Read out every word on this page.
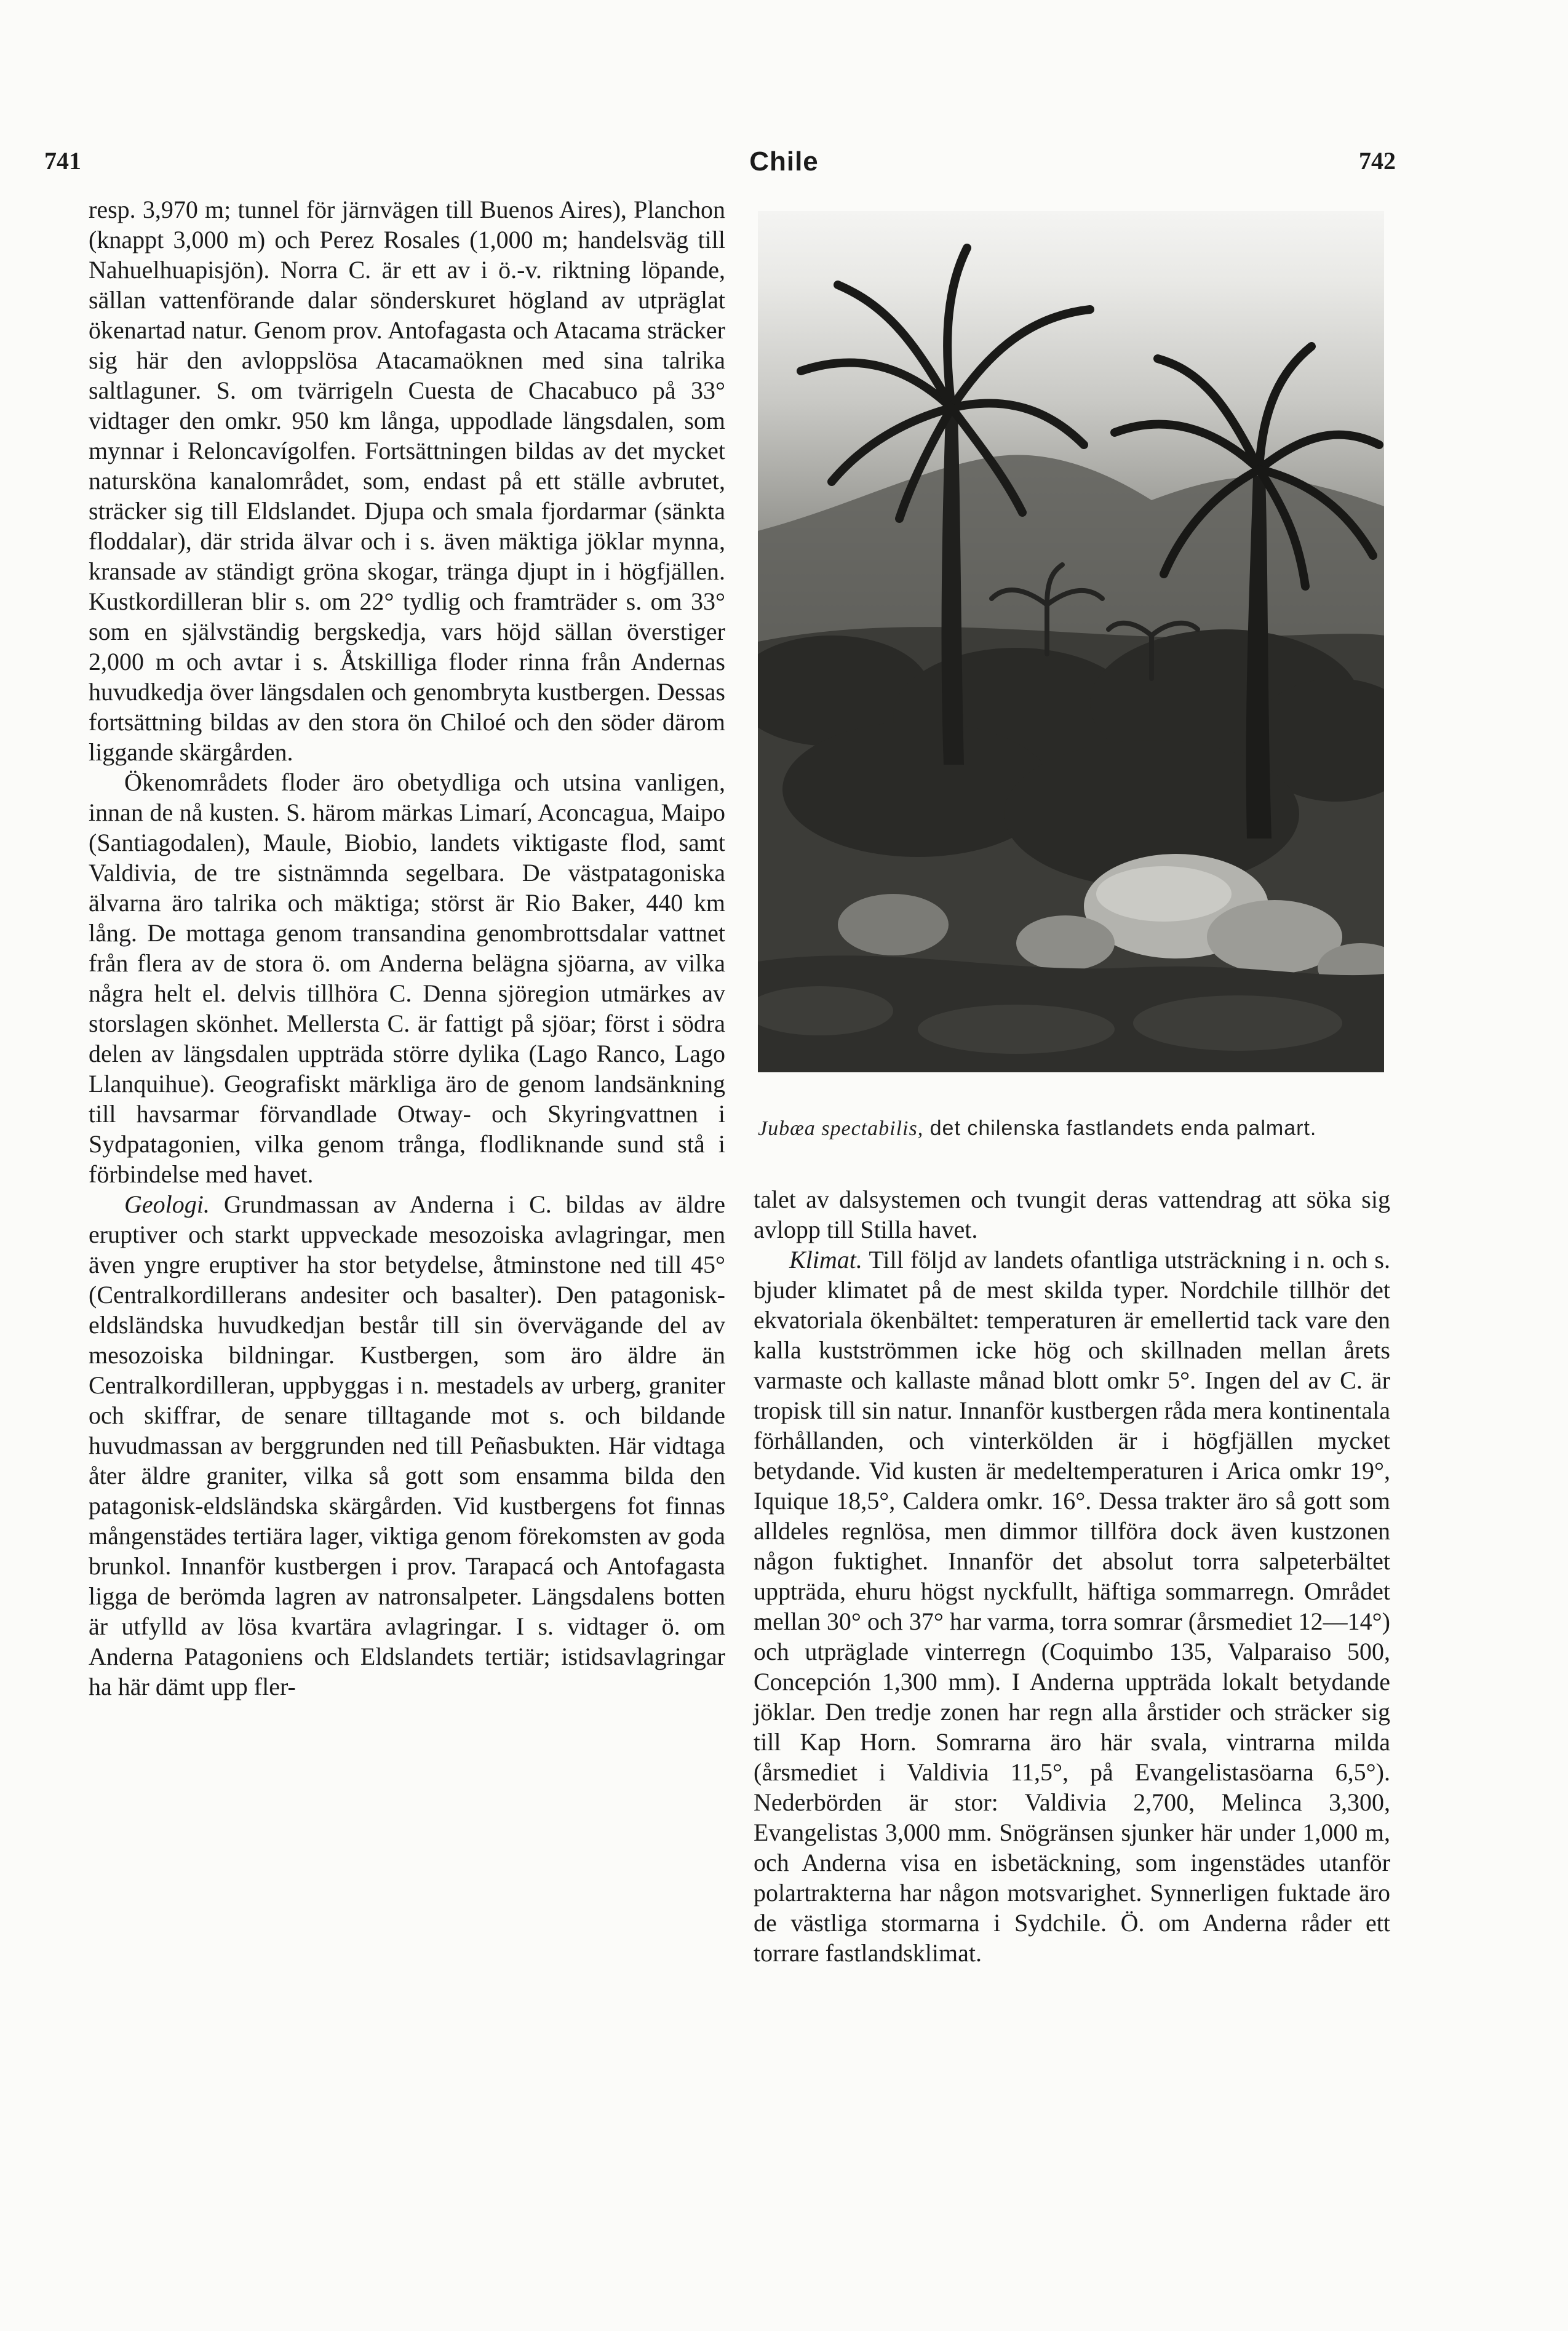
741	Chile	742

resp. 3,970 m; tunnel för järnvägen till Buenos Aires), Planchon (knappt 3,000 m) och Perez Rosales (1,000 m; handelsväg till Nahuelhuapisjön). Norra C. är ett av i ö.-v. riktning löpande, sällan vattenförande dalar sönderskuret högland av utpräglat ökenartad natur. Genom prov. Antofagasta och Atacama sträcker sig här den avloppslösa Atacamaöknen med sina talrika saltlaguner. S. om tvärrigeln Cuesta de Chacabuco på 33° vidtager den omkr. 950 km långa, uppodlade längsdalen, som mynnar i Reloncavígolfen. Fortsättningen bildas av det mycket natursköna kanalområdet, som, endast på ett ställe avbrutet, sträcker sig till Eldslandet. Djupa och smala fjordarmar (sänkta floddalar), där strida älvar och i s. även mäktiga jöklar mynna, kransade av ständigt gröna skogar, tränga djupt in i högfjällen. Kustkordilleran blir s. om 22° tydlig och framträder s. om 33° som en självständig bergskedja, vars höjd sällan överstiger 2,000 m och avtar i s. Åtskilliga floder rinna från Andernas huvudkedja över längsdalen och genombryta kustbergen. Dessas fortsättning bildas av den stora ön Chiloé och den söder därom liggande skärgården.

Ökenområdets floder äro obetydliga och utsina vanligen, innan de nå kusten. S. härom märkas Limarí, Aconcagua, Maipo (Santiagodalen), Maule, Biobio, landets viktigaste flod, samt Valdivia, de tre sistnämnda segelbara. De västpatagoniska älvarna äro talrika och mäktiga; störst är Rio Baker, 440 km lång. De mottaga genom transandina genombrottsdalar vattnet från flera av de stora ö. om Anderna belägna sjöarna, av vilka några helt el. delvis tillhöra C. Denna sjöregion utmärkes av storslagen skönhet. Mellersta C. är fattigt på sjöar; först i södra delen av längsdalen uppträda större dylika (Lago Ranco, Lago Llanquihue). Geografiskt märkliga äro de genom landsänkning till havsarmar förvandlade Otway- och Skyringvattnen i Sydpatagonien, vilka genom trånga, flodliknande sund stå i förbindelse med havet.

Geologi. Grundmassan av Anderna i C. bildas av äldre eruptiver och starkt uppveckade mesozoiska avlagringar, men även yngre eruptiver ha stor betydelse, åtminstone ned till 45° (Centralkordillerans andesiter och basalter). Den patagonisk-eldsländska huvudkedjan består till sin övervägande del av mesozoiska bildningar. Kustbergen, som äro äldre än Centralkordilleran, uppbyggas i n. mestadels av urberg, graniter och skiffrar, de senare tilltagande mot s. och bildande huvudmassan av berggrunden ned till Peñasbukten. Här vidtaga åter äldre graniter, vilka så gott som ensamma bilda den patagonisk-eldsländska skärgården. Vid kustbergens fot finnas mångenstädes tertiära lager, viktiga genom förekomsten av goda brunkol. Innanför kustbergen i prov. Tarapacá och Antofagasta ligga de berömda lagren av natronsalpeter. Längsdalens botten är utfylld av lösa kvartära avlagringar. I s. vidtager ö. om Anderna Patagoniens och Eldslandets tertiär; istidsavlagringar ha här dämt upp fler-

Jubæa spectabilis, det chilenska fastlandets enda palmart.

talet av dalsystemen och tvungit deras vattendrag att söka sig avlopp till Stilla havet.

Klimat. Till följd av landets ofantliga utsträckning i n. och s. bjuder klimatet på de mest skilda typer. Nordchile tillhör det ekvatoriala ökenbältet: temperaturen är emellertid tack vare den kalla kustströmmen icke hög och skillnaden mellan årets varmaste och kallaste månad blott omkr 5°. Ingen del av C. är tropisk till sin natur. Innanför kustbergen råda mera kontinentala förhållanden, och vinterkölden är i högfjällen mycket betydande. Vid kusten är medeltemperaturen i Arica omkr 19°, Iquique 18,5°, Caldera omkr. 16°. Dessa trakter äro så gott som alldeles regnlösa, men dimmor tillföra dock även kustzonen någon fuktighet. Innanför det absolut torra salpeterbältet uppträda, ehuru högst nyckfullt, häftiga sommarregn. Området mellan 30° och 37° har varma, torra somrar (årsmediet 12—14°) och utpräglade vinterregn (Coquimbo 135, Valparaiso 500, Concepción 1,300 mm). I Anderna uppträda lokalt betydande jöklar. Den tredje zonen har regn alla årstider och sträcker sig till Kap Horn. Somrarna äro här svala, vintrarna milda (årsmediet i Valdivia 11,5°, på Evangelistasöarna 6,5°). Nederbörden är stor: Valdivia 2,700, Melinca 3,300, Evangelistas 3,000 mm. Snögränsen sjunker här under 1,000 m, och Anderna visa en isbetäckning, som ingenstädes utanför polartrakterna har någon motsvarighet. Synnerligen fuktade äro de västliga stormarna i Sydchile. Ö. om Anderna råder ett torrare fastlandsklimat.
